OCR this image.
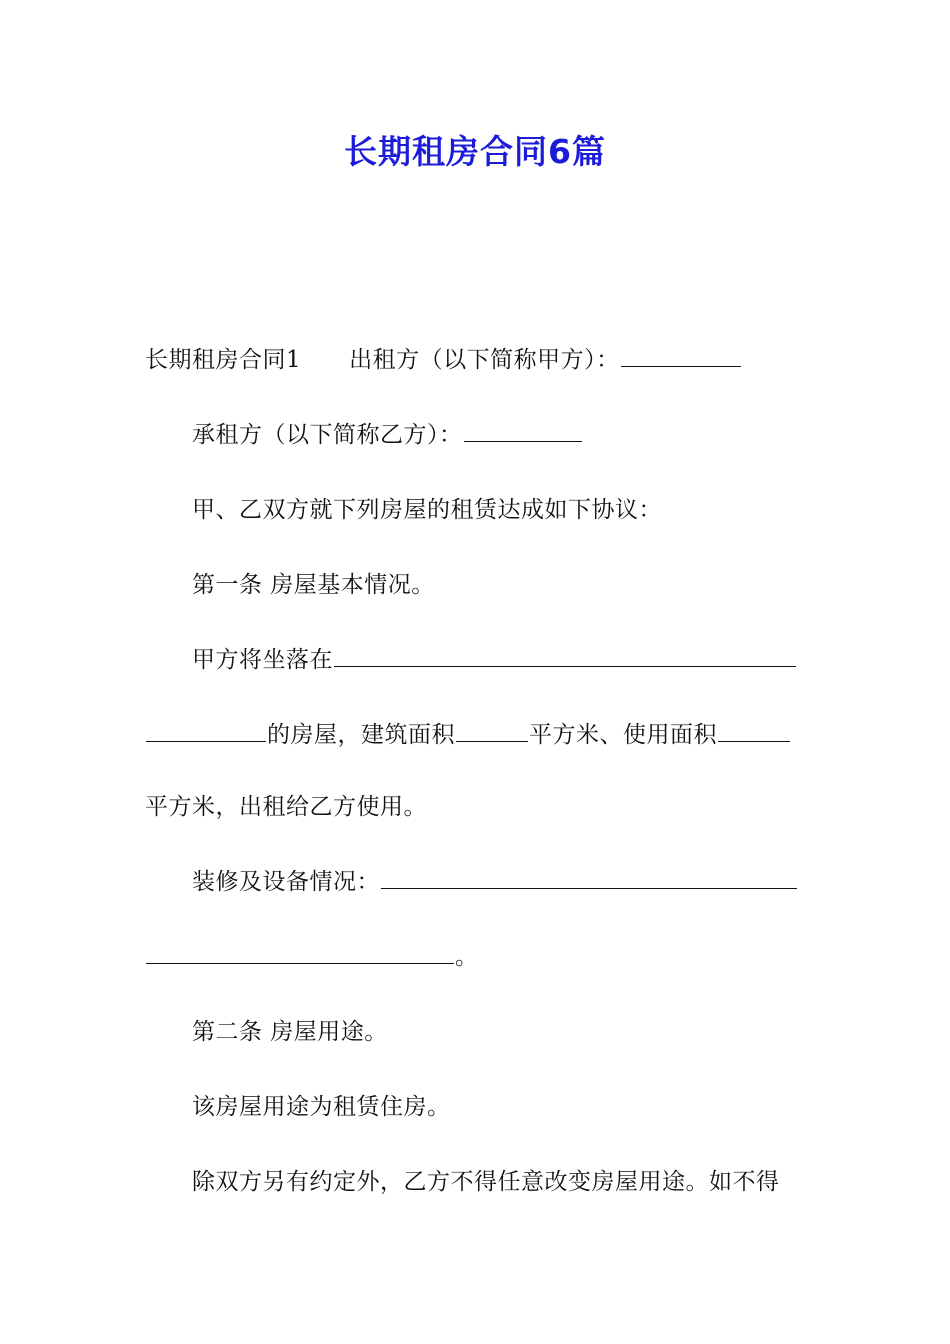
长期租房合同6篇
长期租房合同1 出租方（以下简称甲方）：
承租方（以下简称乙方）：
甲、乙双方就下列房屋的租赁达成如下协议：
第一条 房屋基本情况。
甲方将坐落在
的房屋，建筑面积	平方米、使用面积
平方米，出租给乙方使用。
装修及设备情况：
。
第二条 房屋用途。
该房屋用途为租赁住房。
除双方另有约定外，乙方不得任意改变房屋用途。如不得
